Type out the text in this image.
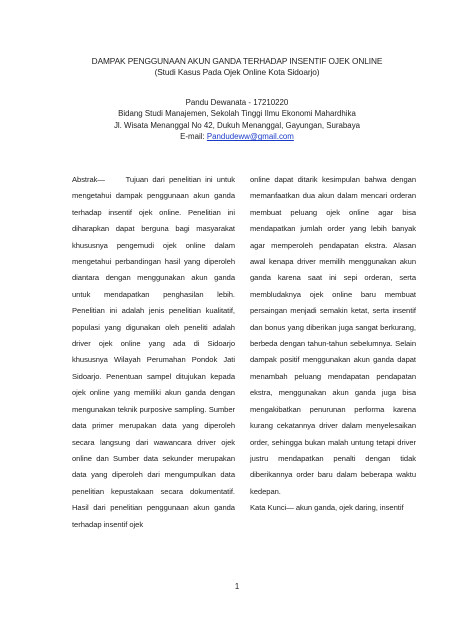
DAMPAK PENGGUNAAN AKUN GANDA TERHADAP INSENTIF OJEK ONLINE
(Studi Kasus Pada Ojek Online Kota Sidoarjo)
Pandu Dewanata - 17210220
Bidang Studi Manajemen, Sekolah Tinggi Ilmu Ekonomi Mahardhika
Jl. Wisata Menanggal No 42, Dukuh Menanggal, Gayungan, Surabaya
E-mail: Pandudeww@gmail.com

Abstrak—	Tujuan dari penelitian ini untuk mengetahui dampak penggunaan akun ganda terhadap insentif ojek online. Penelitian ini diharapkan dapat berguna bagi masyarakat khususnya pengemudi ojek online dalam mengetahui perbandingan hasil yang diperoleh diantara dengan menggunakan akun ganda untuk mendapatkan penghasilan lebih. Penelitian ini adalah jenis penelitian kualitatif, populasi yang digunakan oleh peneliti adalah driver ojek online yang ada di Sidoarjo khususnya Wilayah Perumahan Pondok Jati Sidoarjo. Penentuan sampel ditujukan kepada ojek online yang memiliki akun ganda dengan mengunakan teknik purposive sampling. Sumber data primer merupakan data yang diperoleh secara langsung dari wawancara driver ojek online dan Sumber data sekunder merupakan data yang diperoleh dari mengumpulkan data penelitian kepustakaan secara dokumentatif. Hasil dari penelitian penggunaan akun ganda terhadap insentif ojek

online dapat ditarik kesimpulan bahwa dengan memanfaatkan dua akun dalam mencari orderan membuat peluang ojek online agar bisa mendapatkan jumlah order yang lebih banyak agar memperoleh pendapatan ekstra. Alasan awal kenapa driver memilih menggunakan akun ganda karena saat ini sepi orderan, serta membludaknya ojek online baru membuat persaingan menjadi semakin ketat, serta insentif dan bonus yang diberikan juga sangat berkurang, berbeda dengan tahun-tahun sebelumnya. Selain dampak positif menggunakan akun ganda dapat menambah peluang mendapatan pendapatan ekstra, menggunakan akun ganda juga bisa mengakibatkan penurunan performa karena kurang cekatannya driver dalam menyelesaikan order, sehingga bukan malah untung tetapi driver justru mendapatkan penalti dengan tidak diberikannya order baru dalam beberapa waktu kedepan.

Kata Kunci— akun ganda, ojek daring, insentif

1
